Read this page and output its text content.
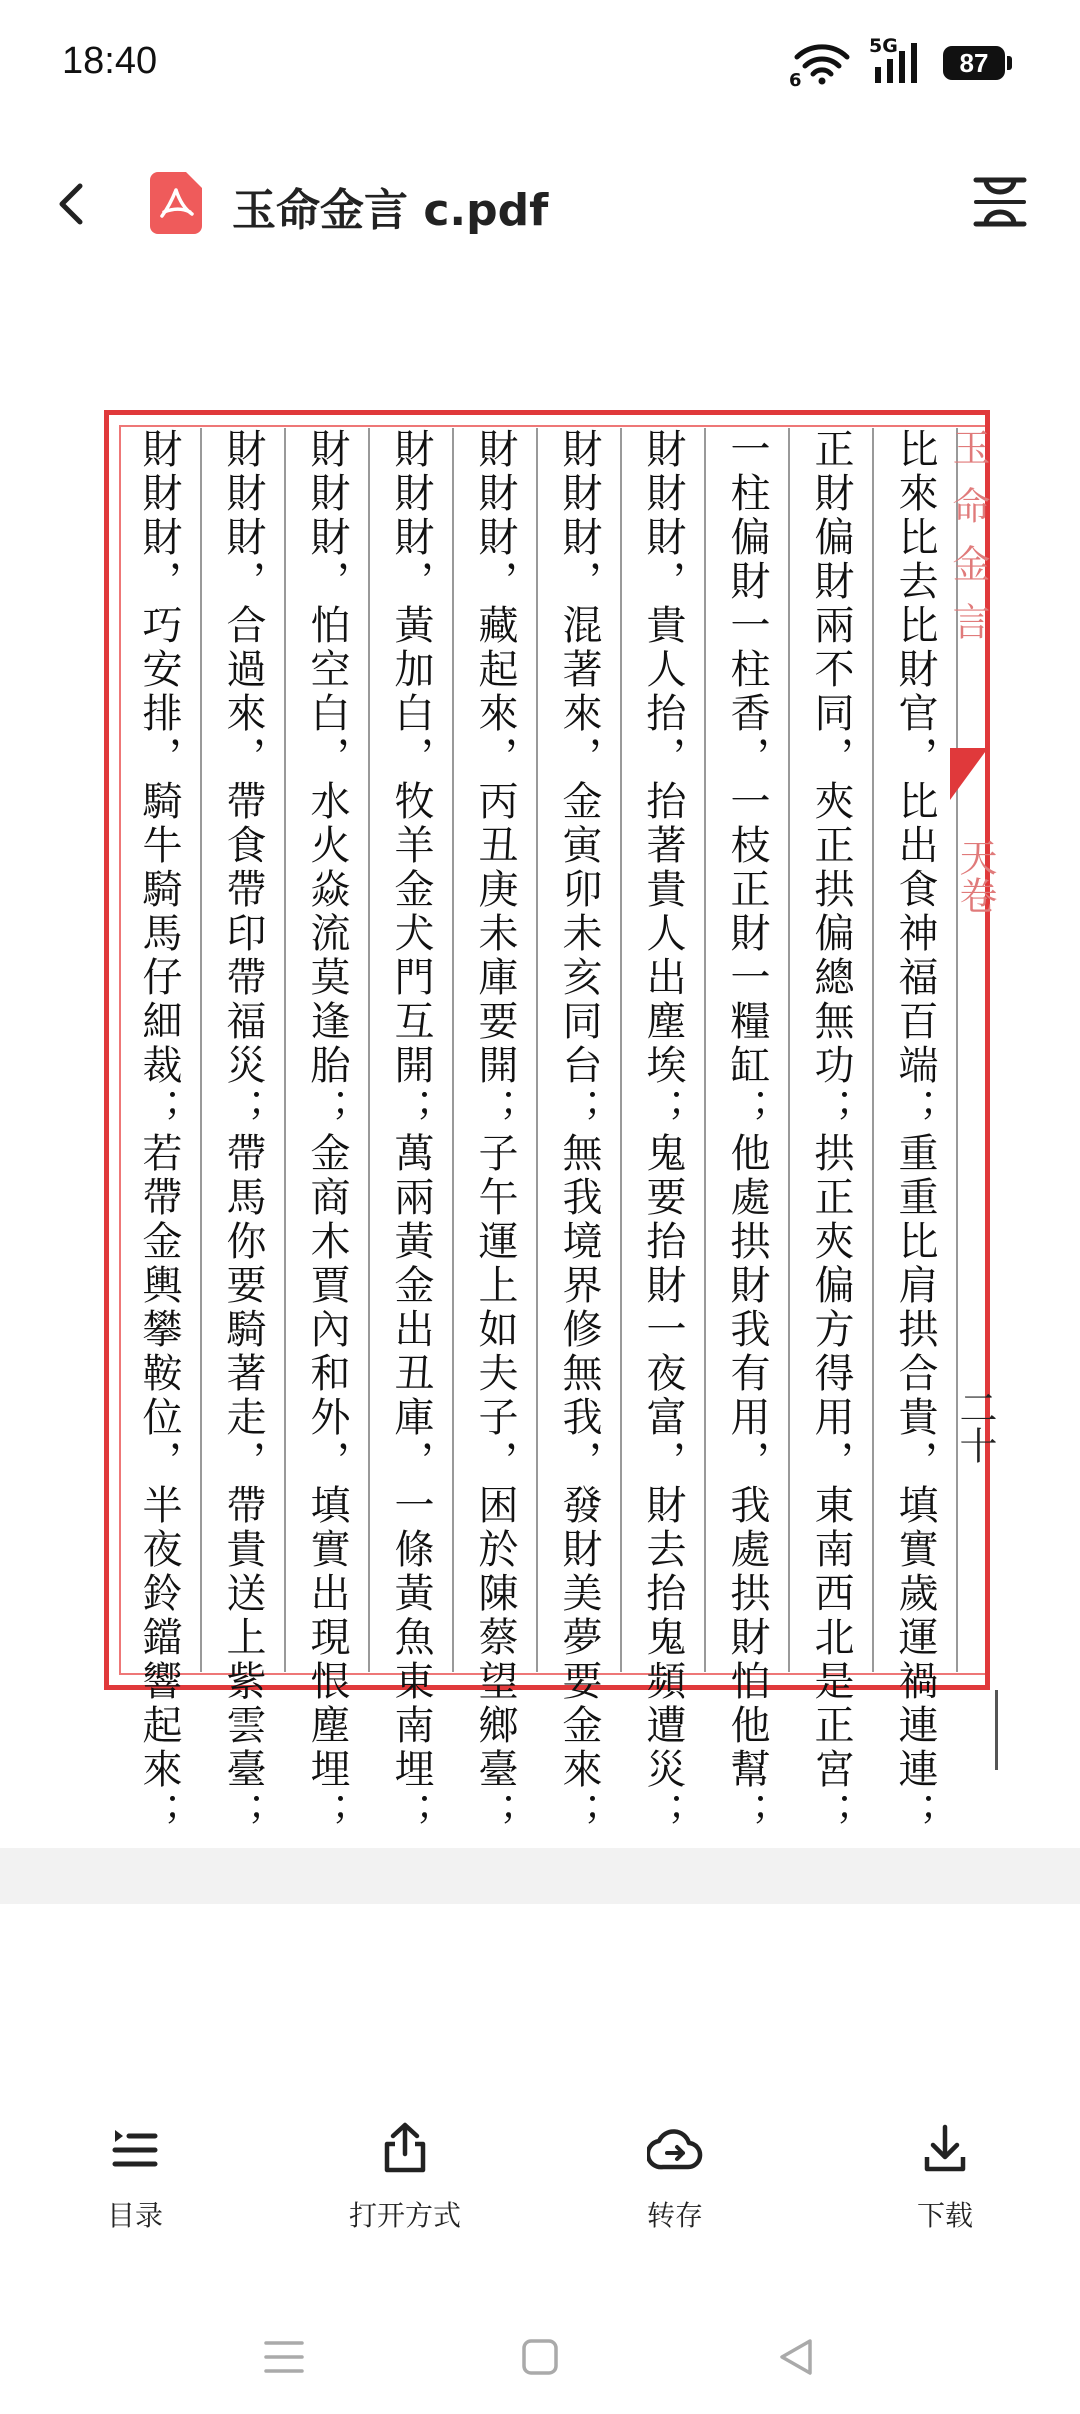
18:40	6
5G
87
玉命金言 c.pdf
比來比去比財官，比出食神福百端；重重比肩拱合貴，填實歲運禍連連；
正財偏財兩不同，夾正拱偏總無功；拱正夾偏方得用，東南西北是正宮；
一柱偏財一柱香，一枝正財一糧缸；他處拱財我有用，我處拱財怕他幫；
財財財，貴人抬，抬著貴人出塵埃；鬼要抬財一夜富，財去抬鬼頻遭災；
財財財，混著來，金寅卯未亥同台；無我境界修無我，發財美夢要金來；
財財財，藏起來，丙丑庚未庫要開；子午運上如夫子，困於陳蔡望鄉臺；
財財財，黃加白，牧羊金犬門互開；萬兩黃金出丑庫，一條黃魚東南埋；
財財財，怕空白，水火焱流莫逢胎；金商木賈內和外，填實出現恨塵埋；
財財財，合過來，帶食帶印帶福災；帶馬你要騎著走，帶貴送上紫雲臺；
財財財，巧安排，騎牛騎馬仔細裁；若帶金輿攀鞍位，半夜鈴鐺響起來；	玉命金言
天卷
二十
目录	打开方式	转存	下载
